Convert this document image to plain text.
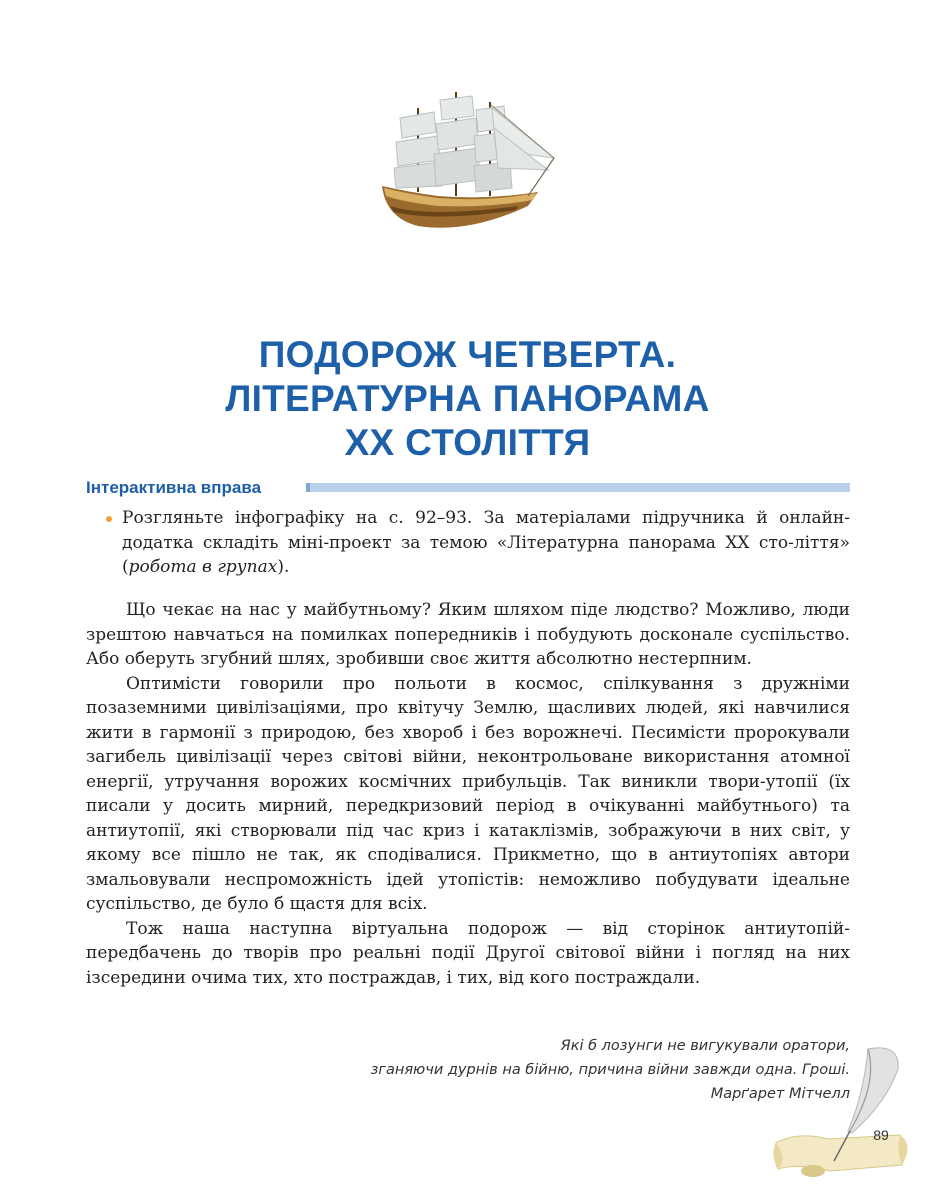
ПОДОРОЖ ЧЕТВЕРТА.
ЛІТЕРАТУРНА ПАНОРАМА
XX СТОЛІТТЯ
Інтерактивна вправа
Розгляньте інфографіку на с. 92–93. За матеріалами підручника й онлайн-додатка складіть міні-проект за темою «Літературна панорама XX сто-ліття» (робота в групах).

Що чекає на нас у майбутньому? Яким шляхом піде людство? Можливо, люди зрештою навчаться на помилках попередників і побудують досконале суспільство. Або оберуть згубний шлях, зробивши своє життя абсолютно нестерпним.

Оптимісти говорили про польоти в космос, спілкування з дружніми позаземними цивілізаціями, про квітучу Землю, щасливих людей, які навчилися жити в гармонії з природою, без хвороб і без ворожнечі. Песимісти пророкували загибель цивілізації через світові війни, неконтрольоване використання атомної енергії, утручання ворожих космічних прибульців. Так виникли твори-утопії (їх писали у досить мирний, передкризовий період в очікуванні майбутнього) та антиутопії, які створювали під час криз і катаклізмів, зображуючи в них світ, у якому все пішло не так, як сподівалися. Прикметно, що в антиутопіях автори змальовували неспроможність ідей утопістів: неможливо побудувати ідеальне суспільство, де було б щастя для всіх.

Тож наша наступна віртуальна подорож — від сторінок антиутопій-передбачень до творів про реальні події Другої світової війни і погляд на них ізсередини очима тих, хто постраждав, і тих, від кого постраждали.

Які б лозунги не вигукували оратори,
зганяючи дурнів на бійню, причина війни завжди одна. Гроші.
Марґарет Мітчелл
89
